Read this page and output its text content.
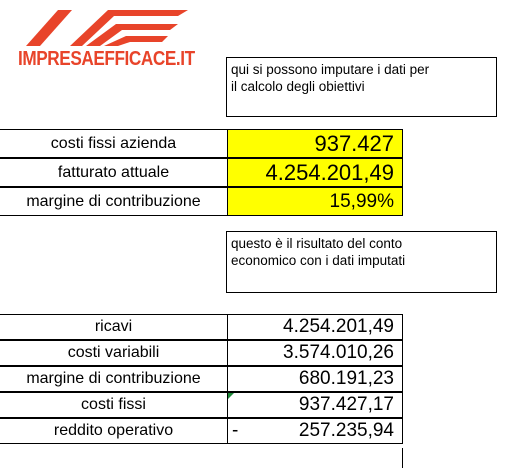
IMPRESAEFFICACE.IT	qui si possono imputare i dati per
il calcolo degli obiettivi
costi fissi azienda	937.427
fatturato attuale	4.254.201,49
margine di contribuzione	15,99%
questo è il risultato del conto
economico con i dati imputati
ricavi	4.254.201,49
costi variabili	3.574.010,26
margine di contribuzione	680.191,23
costi fissi	937.427,17
reddito operativo	-	257.235,94
